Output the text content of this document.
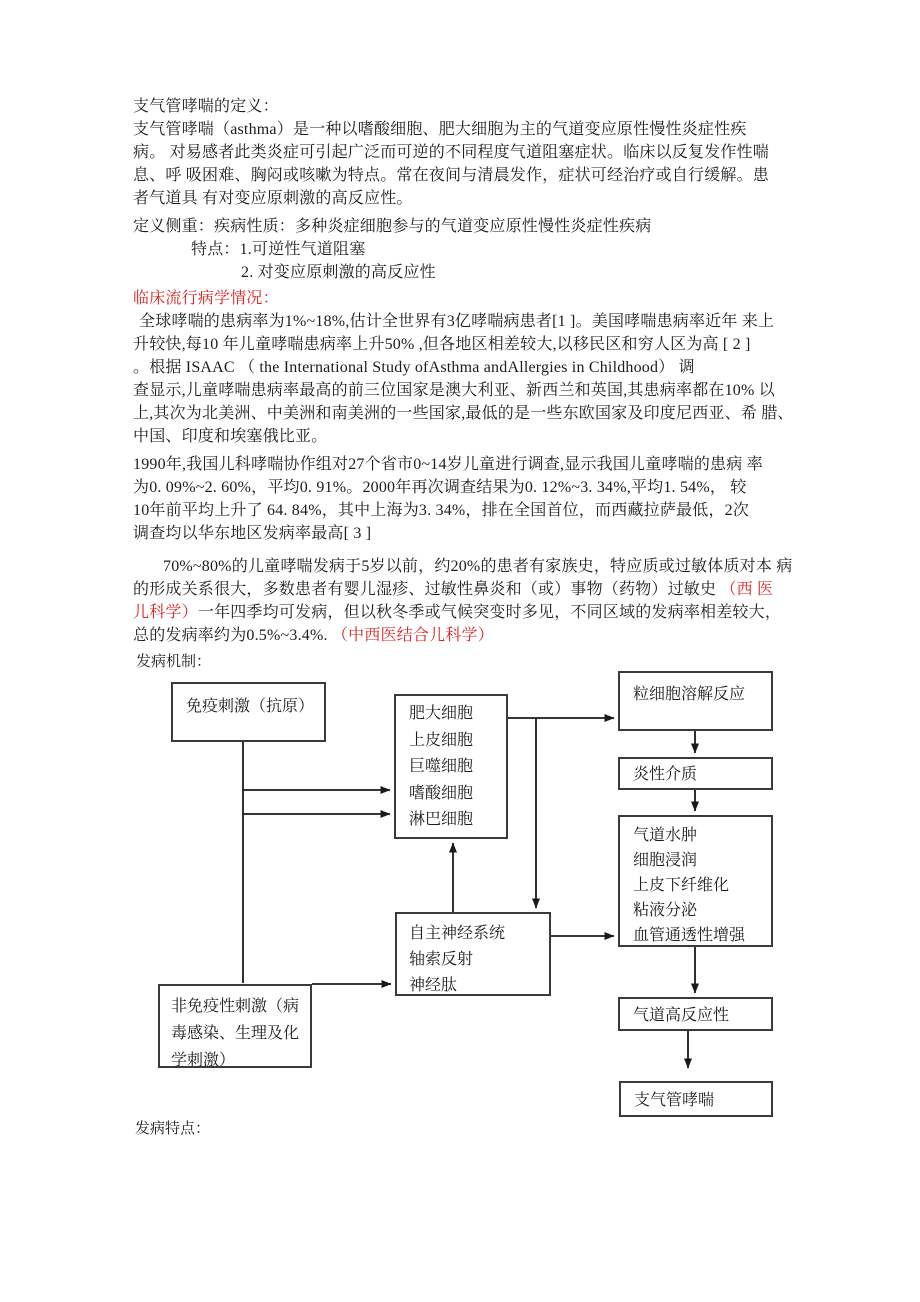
支气管哮喘的定义：
支气管哮喘（asthma）是一种以嗜酸细胞、肥大细胞为主的气道变应原性慢性炎症性疾
病。 对易感者此类炎症可引起广泛而可逆的不同程度气道阻塞症状。临床以反复发作性喘
息、呼 吸困难、胸闷或咳嗽为特点。常在夜间与清晨发作，症状可经治疗或自行缓解。患
者气道具 有对变应原刺激的高反应性。
定义侧重：疾病性质：多种炎症细胞参与的气道变应原性慢性炎症性疾病
特点：1.可逆性气道阻塞
2. 对变应原刺激的高反应性
临床流行病学情况：
全球哮喘的患病率为1%~18%,估计全世界有3亿哮喘病患者[1 ]。美国哮喘患病率近年 来上
升较快,每10 年儿童哮喘患病率上升50% ,但各地区相差较大,以移民区和穷人区为高 [ 2 ]
。根据 ISAAC （ the International Study ofAsthma andAllergies in Childhood） 调
查显示,儿童哮喘患病率最高的前三位国家是澳大利亚、新西兰和英国,其患病率都在10% 以
上,其次为北美洲、中美洲和南美洲的一些国家,最低的是一些东欧国家及印度尼西亚、希 腊、
中国、印度和埃塞俄比亚。
1990年,我国儿科哮喘协作组对27个省市0~14岁儿童进行调查,显示我国儿童哮喘的患病 率
为0. 09%~2. 60%，平均0. 91%。2000年再次调查结果为0. 12%~3. 34%,平均1. 54%， 较
10年前平均上升了 64. 84%，其中上海为3. 34%，排在全国首位，而西藏拉萨最低，2次
调查均以华东地区发病率最高[ 3 ]
70%~80%的儿童哮喘发病于5岁以前，约20%的患者有家族史，特应质或过敏体质对本 病
的形成关系很大，多数患者有婴儿湿疹、过敏性鼻炎和（或）事物（药物）过敏史 （西 医
儿科学）一年四季均可发病，但以秋冬季或气候突变时多见，不同区域的发病率相差较大，
总的发病率约为0.5%~3.4%. （中西医结合儿科学）
发病机制：
免疫刺激（抗原）	肥大细胞
上皮细胞
巨噬细胞
嗜酸细胞
淋巴细胞
粒细胞溶解反应
炎性介质
气道水肿
细胞浸润
上皮下纤维化
粘液分泌
血管通透性增强
气道高反应性
支气管哮喘
自主神经系统
轴索反射
神经肽
非免疫性刺激（病
毒感染、生理及化
学刺激）
发病特点：
